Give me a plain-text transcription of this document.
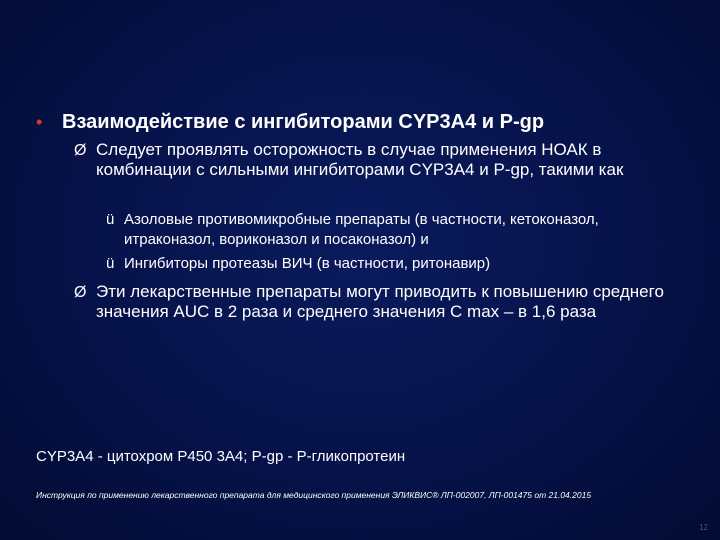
• Взаимодействие с ингибиторами CYP3A4 и P-gp
Ø Следует проявлять осторожность в случае применения НОАК в комбинации с сильными ингибиторами CYP3A4 и P-gp, такими как
ü Азоловые противомикробные препараты (в частности, кетоконазол, итраконазол, вориконазол и посаконазол) и
ü Ингибиторы протеазы ВИЧ (в частности, ритонавир)
Ø Эти лекарственные препараты могут приводить к повышению среднего значения AUC в 2 раза и среднего значения C max – в 1,6 раза
CYP3A4 - цитохром P450 3A4; P-gp - P-гликопротеин
Инструкция по применению лекарственного препарата для медицинского применения ЭЛИКВИС® ЛП-002007, ЛП-001475 от 21.04.2015
12
